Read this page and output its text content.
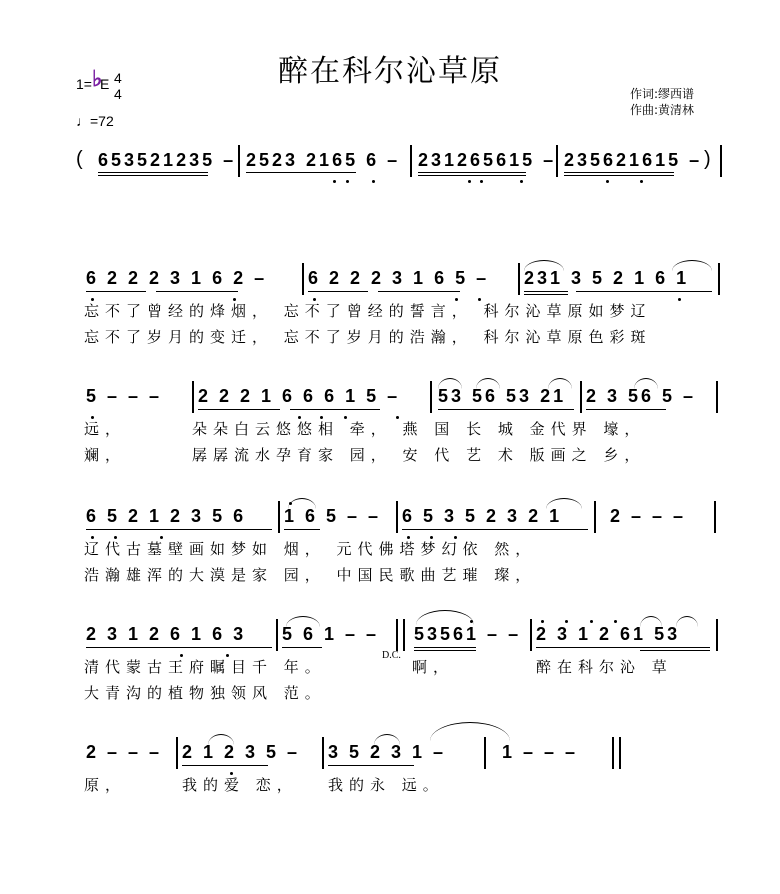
醉在科尔沁草原
1= ♭
E 4
4
♩=72
作词:缪西谱
作曲:黄清林
( 653521235 – 2523 2165 6 – 231265615 – 235621615 – )
6 2 2 2 3 1 6 2 – 6 2 2 2 3 1 6 5 – 231 3 5 2 1 6 1
忘不了曾经的烽烟， 忘不了曾经的誓言， 科尔沁草原如梦辽
忘不了岁月的变迁， 忘不了岁月的浩瀚， 科尔沁草原色彩斑
5 – – – 2 2 2 1 6 6 6 1 5 – 53 56 53 21 2 3 56 5 –
远，	朵朵白云悠悠相 牵， 燕 国 长 城 金代界 壕，
斓，	孱孱流水孕育家 园， 安 代 艺 术 版画之 乡，
6 5 2 1 2 3 5 6 1 6 5 – – 6 5 3 5 2 3 2 1	2 – – –
辽代古墓壁画如梦如 烟， 元代佛塔梦幻依 然，
浩瀚雄浑的大漠是家 园， 中国民歌曲艺璀 璨，
2 3 1 2 6 1 6 3 5 6 1 – – 53561 – – 2 3 1 2 61 53
D.C.
清代蒙古王府瞩目千 年。	啊，	醉在科尔沁 草
大青沟的植物独领风 范。
2 – – – 2 1 2 3 5 – 3 5 2 3 1 –	1 – – –
原，	我的爱 恋， 我的永 远。
